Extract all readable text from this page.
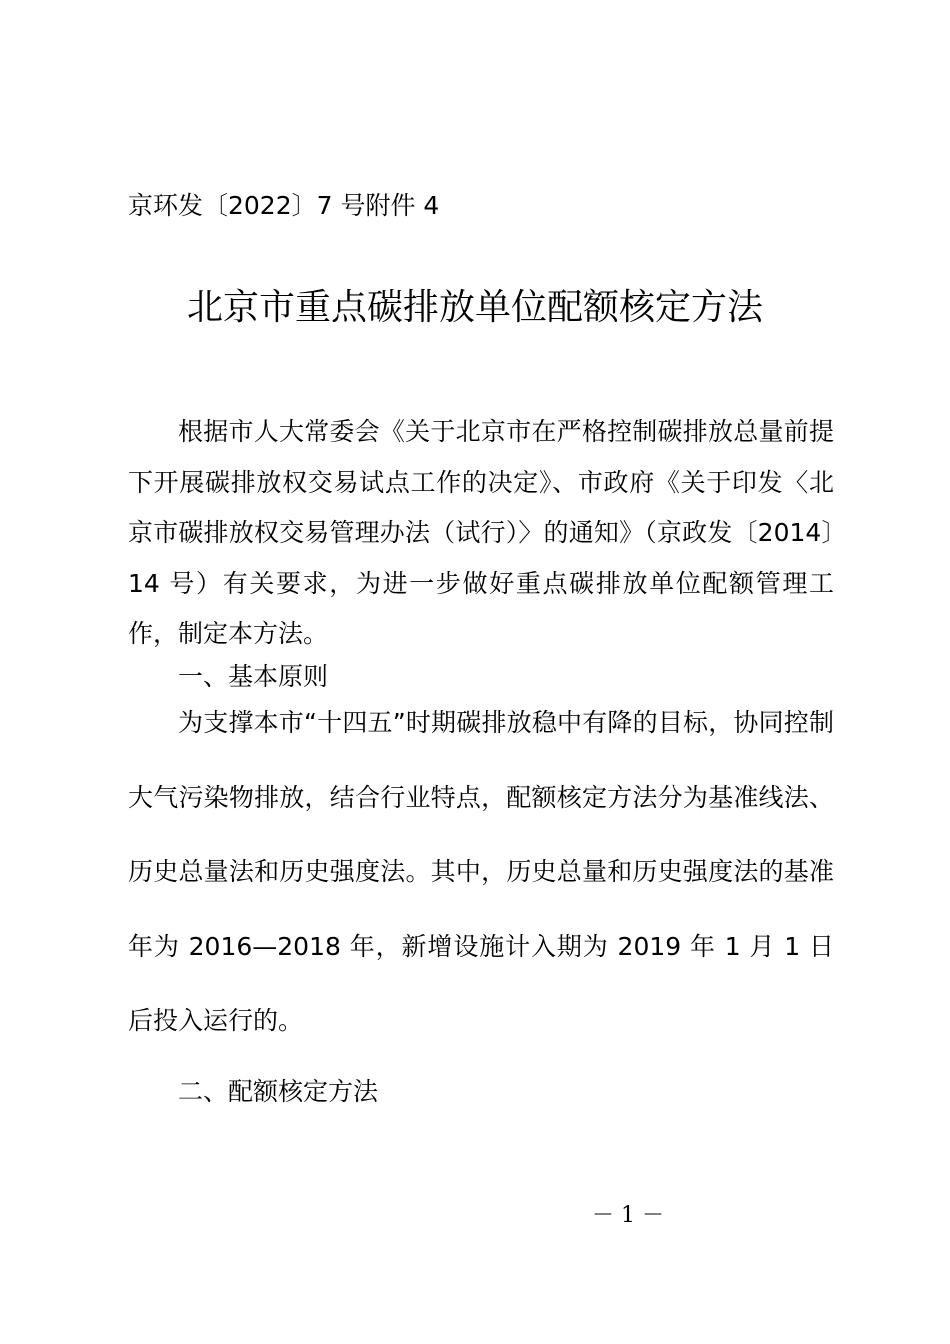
京环发〔2022〕7 号附件 4
北京市重点碳排放单位配额核定方法

根据市人大常委会《关于北京市在严格控制碳排放总量前提下开展碳排放权交易试点工作的决定》、市政府《关于印发〈北京市碳排放权交易管理办法（试行）〉的通知》（京政发〔2014〕14 号）有关要求，为进一步做好重点碳排放单位配额管理工作，制定本方法。

一、基本原则

为支撑本市“十四五”时期碳排放稳中有降的目标，协同控制大气污染物排放，结合行业特点，配额核定方法分为基准线法、历史总量法和历史强度法。其中，历史总量和历史强度法的基准年为 2016—2018 年，新增设施计入期为 2019 年 1 月 1 日后投入运行的。

二、配额核定方法
－ 1 －
